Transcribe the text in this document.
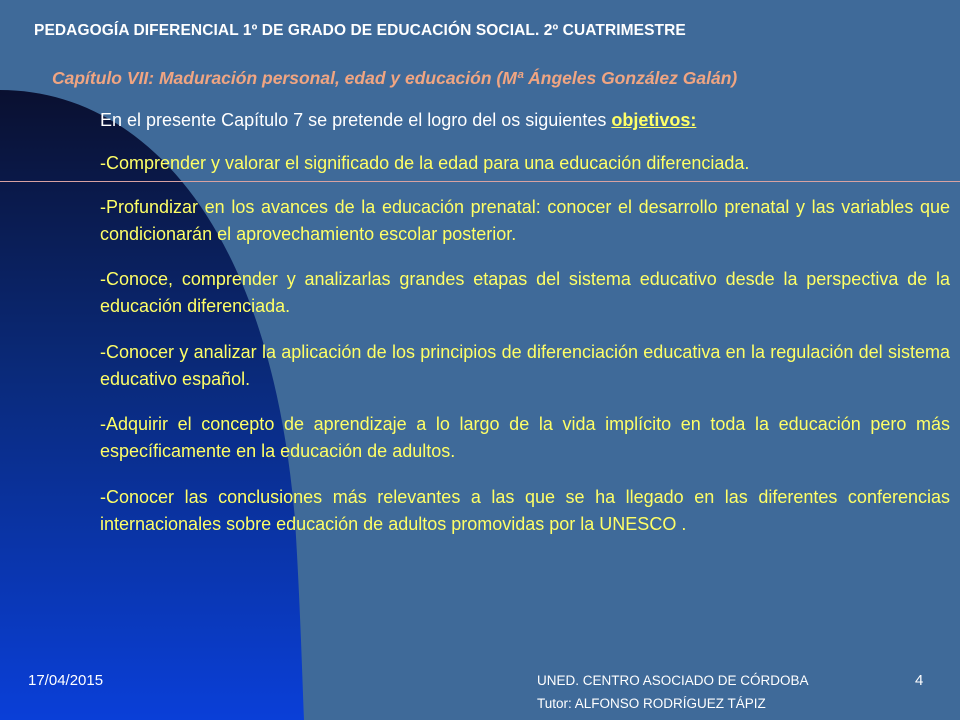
PEDAGOGÍA DIFERENCIAL 1º DE GRADO DE EDUCACIÓN SOCIAL. 2º CUATRIMESTRE
Capítulo VII: Maduración personal, edad y educación (Mª Ángeles González Galán)
En el presente Capítulo 7 se pretende el logro del os siguientes objetivos:
-Comprender y valorar el significado de la edad para una educación diferenciada.
-Profundizar en los avances de la educación prenatal: conocer el desarrollo prenatal y las variables que condicionarán el aprovechamiento escolar posterior.
-Conoce, comprender y analizarlas grandes etapas del sistema educativo desde la perspectiva de la educación diferenciada.
-Conocer y analizar la aplicación de los principios de diferenciación educativa en la regulación del sistema educativo español.
-Adquirir el concepto de aprendizaje a lo largo de la vida implícito en toda la educación pero más específicamente en la educación de adultos.
-Conocer las conclusiones más relevantes a las que se ha llegado en las diferentes conferencias internacionales sobre educación de adultos promovidas por la UNESCO .
17/04/2015	UNED. CENTRO ASOCIADO DE CÓRDOBA
Tutor: ALFONSO RODRÍGUEZ TÁPIZ
4
